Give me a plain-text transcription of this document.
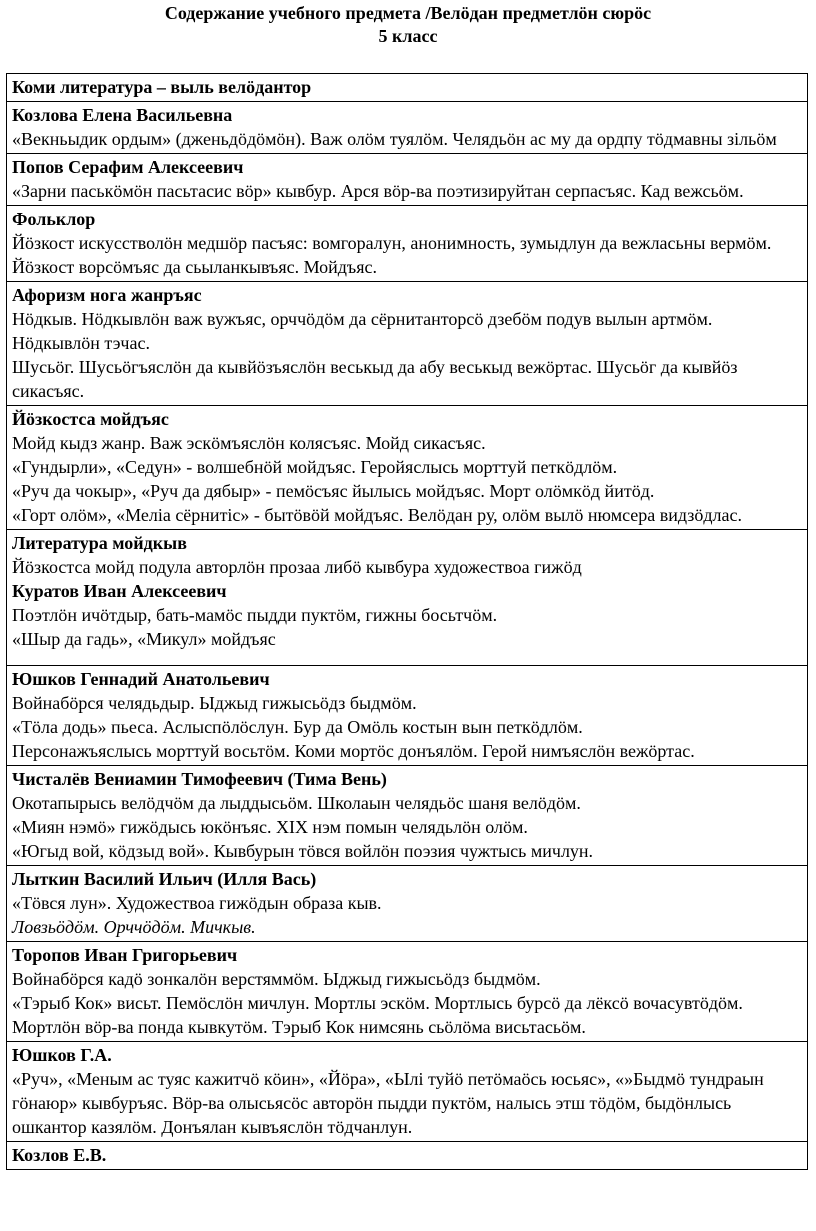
Содержание учебного предмета /Велӧдан предметлӧн сюрӧс
5 класс
Коми литература – выль велӧдантор

Козлова Елена Васильевна
«Векньыдик ордым» (дженьдӧдӧмӧн). Важ олӧм туялӧм. Челядьӧн ас му да ордпу тӧдмавны зiльӧм

Попов Серафим Алексеевич
«Зарни паськӧмӧн пасьтасис вӧр» кывбур. Арся вӧр-ва поэтизируйтан серпасъяс. Кад вежсьӧм.

Фольклор
Йӧзкост искусстволӧн медшӧр пасъяс: вомгоралун, анонимность, зумыдлун да вежласьны вермӧм. Йӧзкост ворсӧмъяс да сьыланкывъяс. Мойдъяс.

Афоризм нога жанръяс
Нӧдкыв. Нӧдкывлӧн важ вужъяс, орччӧдӧм да сёрнитанторсӧ дзебӧм подув вылын артмӧм. Нӧдкывлӧн тэчас.
Шусьӧг. Шусьӧгъяслӧн да кывйӧзъяслӧн веськыд да абу веськыд вежӧртас. Шусьӧг да кывйӧз сикасъяс.

Йӧзкостса мойдъяс
Мойд кыдз жанр. Важ эскӧмъяслӧн колясъяс. Мойд сикасъяс.
«Гундырли», «Седун» - волшебнӧй мойдъяс. Геройяслысь морттуй петкӧдлӧм.
«Руч да чокыр», «Руч да дябыр» - пемӧсъяс йылысь мойдъяс. Морт олӧмкӧд йитӧд.
«Горт олӧм», «Меліа сёрнитіс» - бытӧвӧй мойдъяс. Велӧдан ру, олӧм вылӧ нюмсера видзӧдлас.

Литература мойдкыв
Йӧзкостса мойд подула авторлӧн прозаа либӧ кывбура художествоа гижӧд
Куратов Иван Алексеевич
Поэтлӧн ичӧтдыр, бать-мамӧс пыдди пуктӧм, гижны босьтчӧм.
«Шыр да гадь», «Микул» мойдъяс

Юшков Геннадий Анатольевич
Войнабӧрся челядьдыр. Ыджыд гижысьӧдз быдмӧм.
«Тӧла додь» пьеса. Аслыспӧлӧслун. Бур да Омӧль костын вын петкӧдлӧм.
Персонажъяслысь морттуй восьтӧм. Коми мортӧс донъялӧм. Герой нимъяслӧн вежӧртас.

Чисталёв Вениамин Тимофеевич (Тима Вень)
Окотапырысь велӧдчӧм да лыддысьӧм. Школаын челядьӧс шаня велӧдӧм.
«Миян нэмӧ» гижӧдысь юкӧнъяс. XIX нэм помын челядьлӧн олӧм.
«Югыд вой, кӧдзыд вой». Кывбурын тӧвся войлӧн поэзия чужтысь мичлун.

Лыткин Василий Ильич (Илля Вась)
«Тӧвся лун». Художествоа гижӧдын образа кыв.
Ловзьӧдӧм. Орччӧдӧм. Мичкыв.

Торопов Иван Григорьевич
Войнабӧрся кадӧ зонкалӧн верстяммӧм. Ыджыд гижысьӧдз быдмӧм.
«Тэрыб Кок» висьт. Пемӧслӧн мичлун. Мортлы эскӧм. Мортлысь бурсӧ да лёксӧ вочасувтӧдӧм. Мортлӧн вӧр-ва понда кывкутӧм. Тэрыб Кок нимсянь сьӧлӧма висьтасьӧм.

Юшков Г.А.
«Руч», «Меным ас туяс кажитчӧ кӧин», «Йӧра», «Ылі туйӧ петӧмаӧсь юсьяс», «»Быдмӧ тундраын гӧнаюр» кывбуръяс. Вӧр-ва олысьясӧс авторӧн пыдди пуктӧм, налысь этш тӧдӧм, быдӧнлысь ошкантор казялӧм. Донъялан кывъяслӧн тӧдчанлун.

Козлов Е.В.
